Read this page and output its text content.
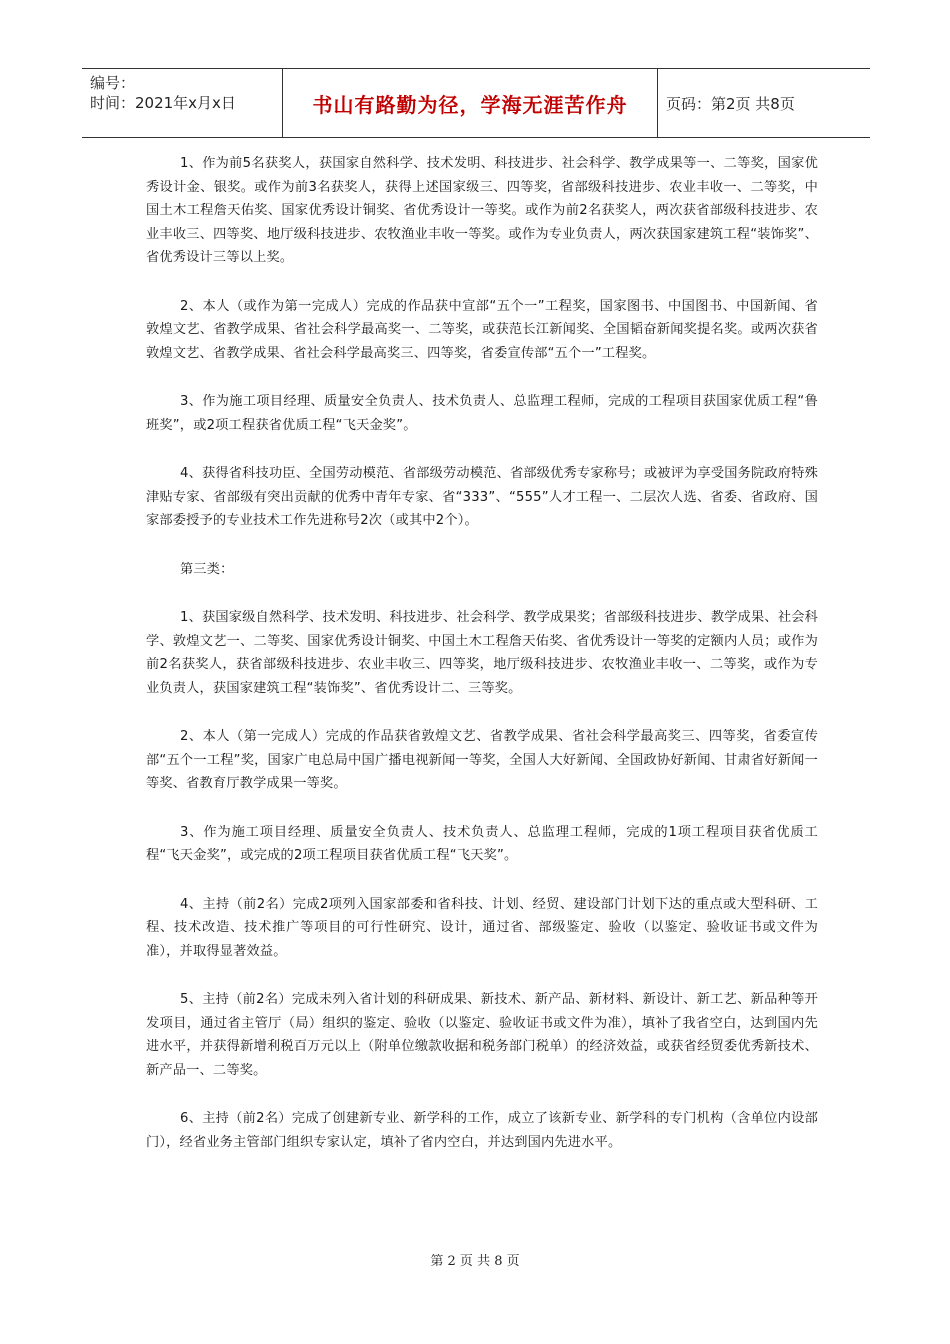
编号：
时间：2021年x月x日	书山有路勤为径，学海无涯苦作舟	页码：第2页 共8页

1、作为前5名获奖人，获国家自然科学、技术发明、科技进步、社会科学、教学成果等一、二等奖，国家优秀设计金、银奖。或作为前3名获奖人，获得上述国家级三、四等奖，省部级科技进步、农业丰收一、二等奖，中国土木工程詹天佑奖、国家优秀设计铜奖、省优秀设计一等奖。或作为前2名获奖人，两次获省部级科技进步、农业丰收三、四等奖、地厅级科技进步、农牧渔业丰收一等奖。或作为专业负责人，两次获国家建筑工程“装饰奖”、省优秀设计三等以上奖。

2、本人（或作为第一完成人）完成的作品获中宣部“五个一”工程奖，国家图书、中国图书、中国新闻、省敦煌文艺、省教学成果、省社会科学最高奖一、二等奖，或获范长江新闻奖、全国韬奋新闻奖提名奖。或两次获省敦煌文艺、省教学成果、省社会科学最高奖三、四等奖，省委宣传部“五个一”工程奖。

3、作为施工项目经理、质量安全负责人、技术负责人、总监理工程师，完成的工程项目获国家优质工程“鲁班奖”，或2项工程获省优质工程“飞天金奖”。

4、获得省科技功臣、全国劳动模范、省部级劳动模范、省部级优秀专家称号；或被评为享受国务院政府特殊津贴专家、省部级有突出贡献的优秀中青年专家、省“333”、“555”人才工程一、二层次人选、省委、省政府、国家部委授予的专业技术工作先进称号2次（或其中2个）。

第三类：

1、获国家级自然科学、技术发明、科技进步、社会科学、教学成果奖；省部级科技进步、教学成果、社会科学、敦煌文艺一、二等奖、国家优秀设计铜奖、中国土木工程詹天佑奖、省优秀设计一等奖的定额内人员；或作为前2名获奖人，获省部级科技进步、农业丰收三、四等奖，地厅级科技进步、农牧渔业丰收一、二等奖，或作为专业负责人，获国家建筑工程“装饰奖”、省优秀设计二、三等奖。

2、本人（第一完成人）完成的作品获省敦煌文艺、省教学成果、省社会科学最高奖三、四等奖，省委宣传部“五个一工程”奖，国家广电总局中国广播电视新闻一等奖，全国人大好新闻、全国政协好新闻、甘肃省好新闻一等奖、省教育厅教学成果一等奖。

3、作为施工项目经理、质量安全负责人、技术负责人、总监理工程师，完成的1项工程项目获省优质工程“飞天金奖”，或完成的2项工程项目获省优质工程“飞天奖”。

4、主持（前2名）完成2项列入国家部委和省科技、计划、经贸、建设部门计划下达的重点或大型科研、工程、技术改造、技术推广等项目的可行性研究、设计，通过省、部级鉴定、验收（以鉴定、验收证书或文件为准），并取得显著效益。

5、主持（前2名）完成未列入省计划的科研成果、新技术、新产品、新材料、新设计、新工艺、新品种等开发项目，通过省主管厅（局）组织的鉴定、验收（以鉴定、验收证书或文件为准），填补了我省空白，达到国内先进水平，并获得新增利税百万元以上（附单位缴款收据和税务部门税单）的经济效益，或获省经贸委优秀新技术、新产品一、二等奖。

6、主持（前2名）完成了创建新专业、新学科的工作，成立了该新专业、新学科的专门机构（含单位内设部门），经省业务主管部门组织专家认定，填补了省内空白，并达到国内先进水平。

第 2 页 共 8 页
